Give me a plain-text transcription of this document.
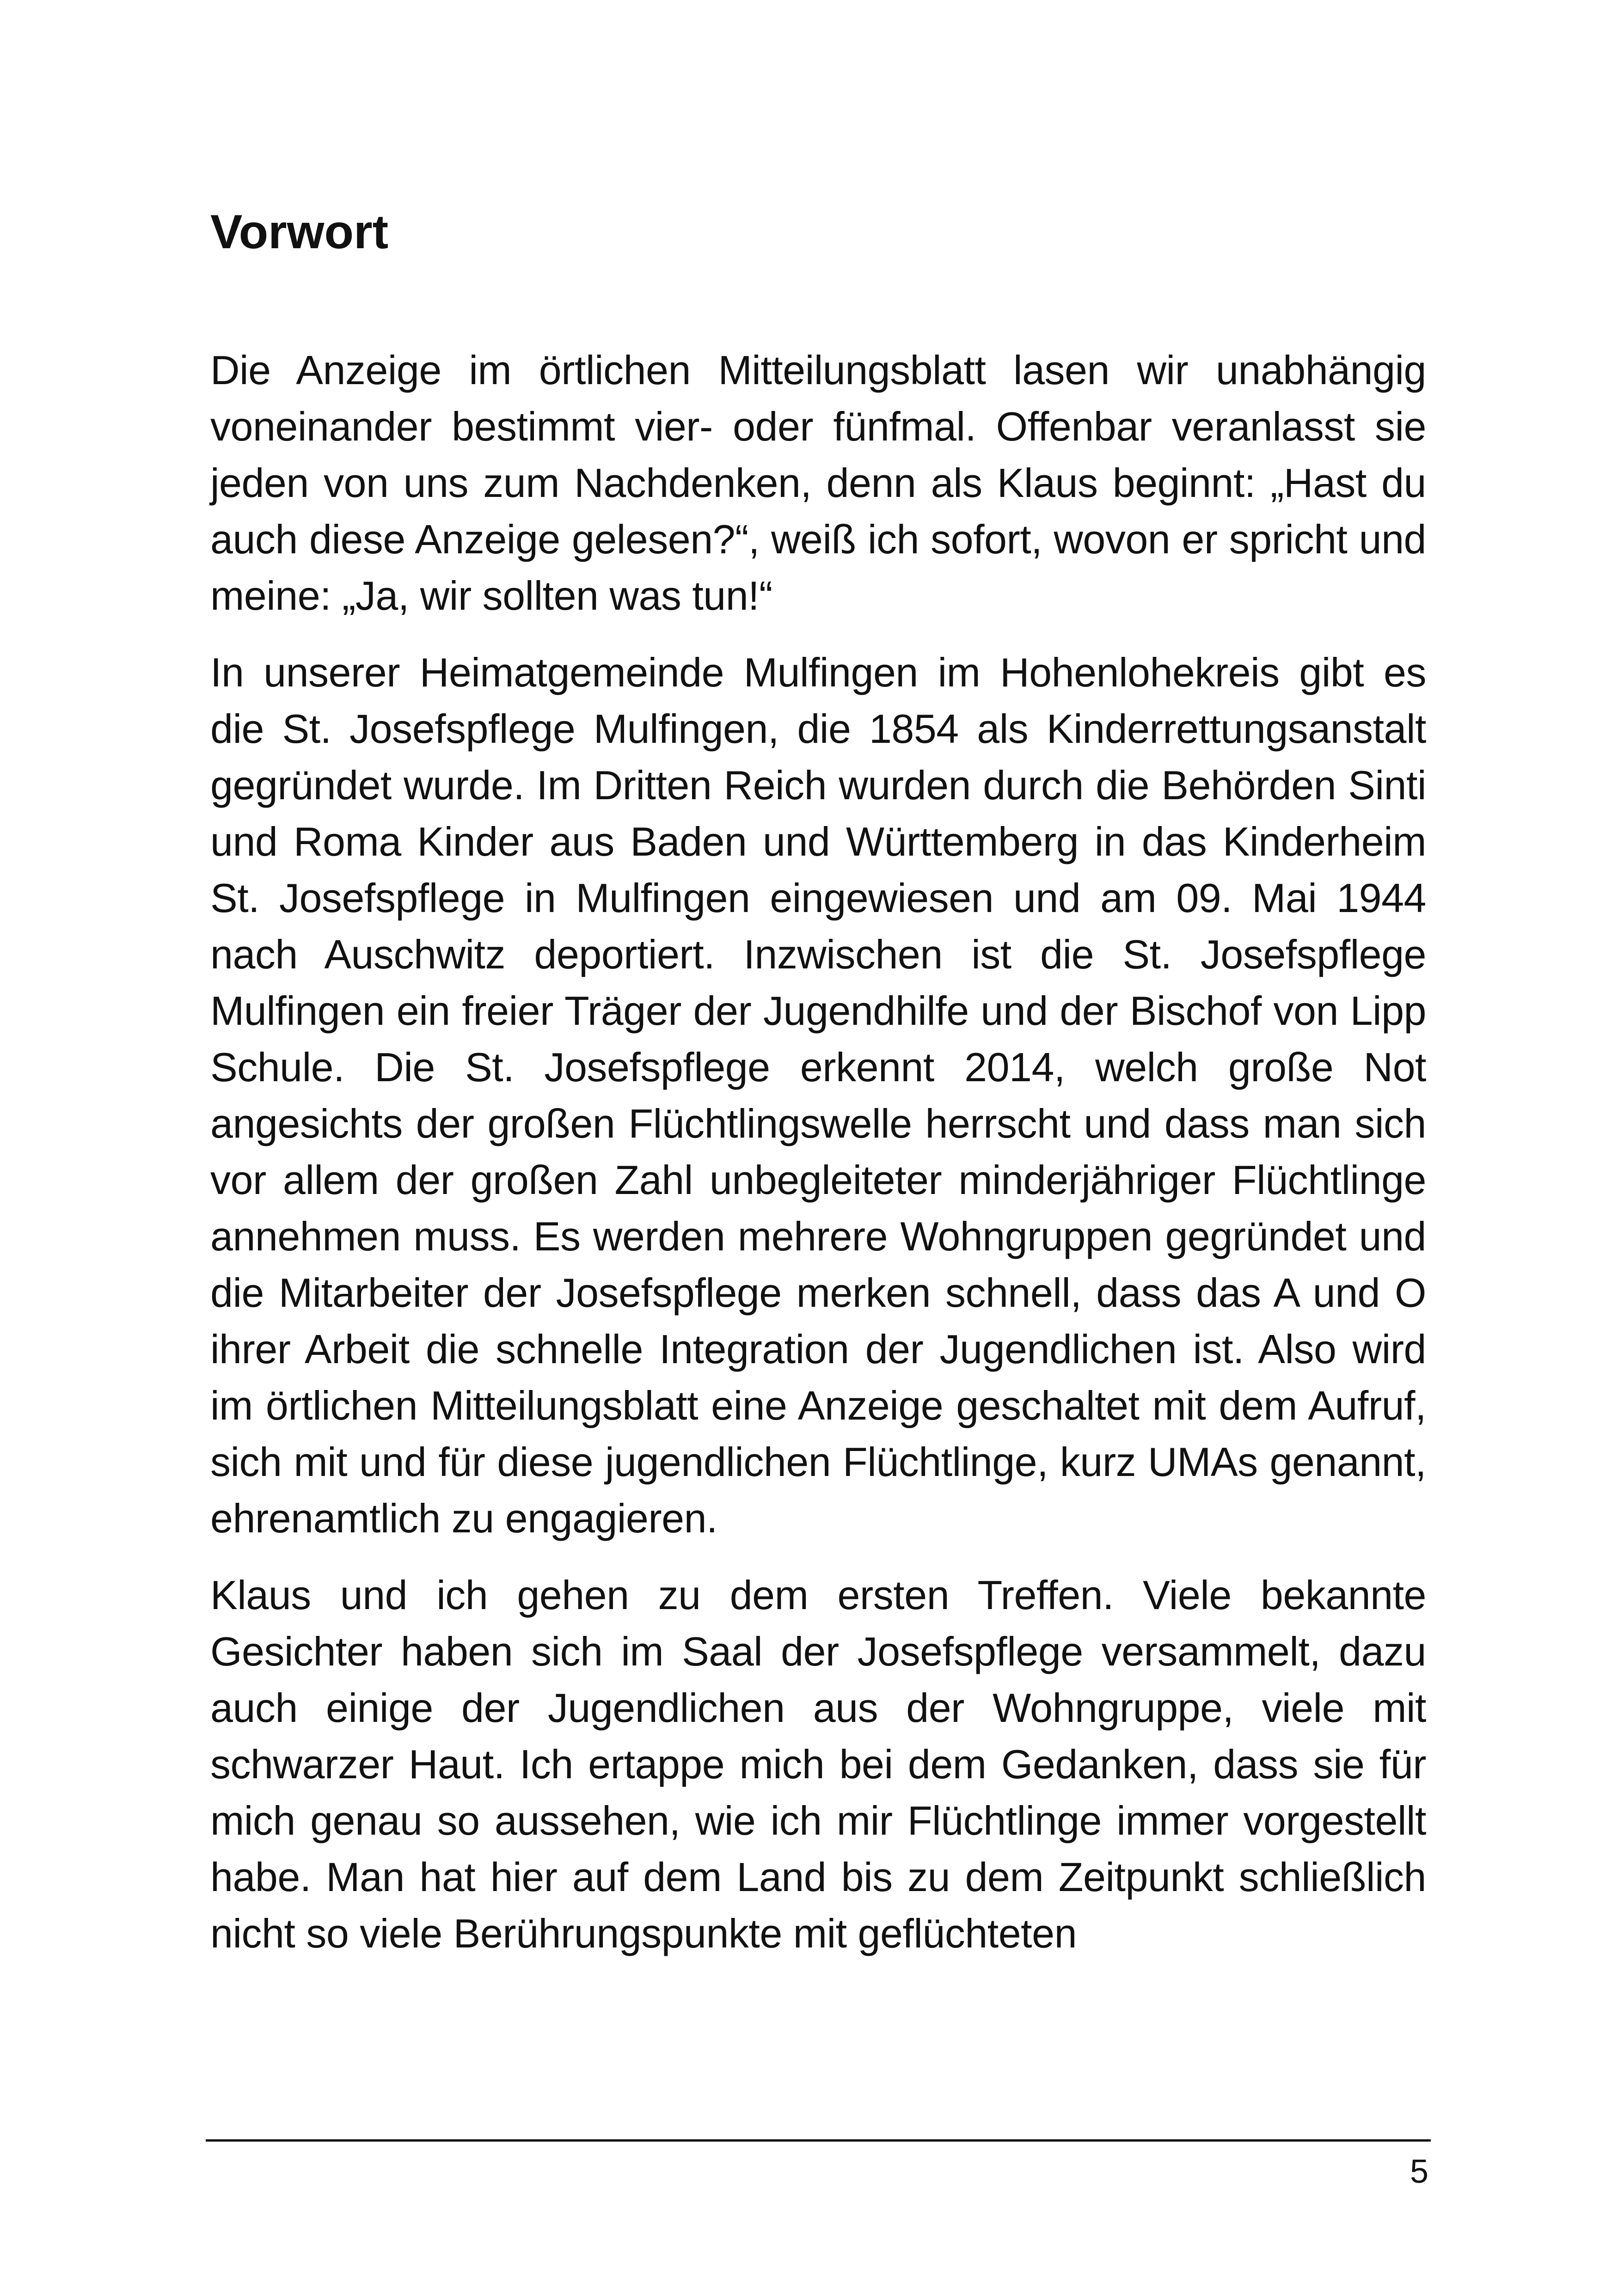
Vorwort

Die Anzeige im örtlichen Mitteilungsblatt lasen wir unabhängig voneinander bestimmt vier- oder fünfmal. Offenbar veranlasst sie jeden von uns zum Nachdenken, denn als Klaus beginnt: „Hast du auch diese Anzeige gelesen?“, weiß ich sofort, wovon er spricht und meine: „Ja, wir sollten was tun!“

In unserer Heimatgemeinde Mulfingen im Hohenlohekreis gibt es die St. Josefspflege Mulfingen, die 1854 als Kinderrettungsanstalt gegründet wurde. Im Dritten Reich wurden durch die Behörden Sinti und Roma Kinder aus Baden und Württemberg in das Kinderheim St. Josefspflege in Mulfingen eingewiesen und am 09. Mai 1944 nach Auschwitz deportiert. Inzwischen ist die St. Josefspflege Mulfingen ein freier Träger der Jugendhilfe und der Bischof von Lipp Schule. Die St. Josefspflege erkennt 2014, welch große Not angesichts der großen Flüchtlingswelle herrscht und dass man sich vor allem der großen Zahl unbegleiteter minderjähriger Flüchtlinge annehmen muss. Es werden mehrere Wohngruppen gegründet und die Mitarbeiter der Josefspflege merken schnell, dass das A und O ihrer Arbeit die schnelle Integration der Jugendlichen ist. Also wird im örtlichen Mitteilungsblatt eine Anzeige geschaltet mit dem Aufruf, sich mit und für diese jugendlichen Flüchtlinge, kurz UMAs genannt, ehrenamtlich zu engagieren.

Klaus und ich gehen zu dem ersten Treffen. Viele bekannte Gesichter haben sich im Saal der Josefspflege versammelt, dazu auch einige der Jugendlichen aus der Wohngruppe, viele mit schwarzer Haut. Ich ertappe mich bei dem Gedanken, dass sie für mich genau so aussehen, wie ich mir Flüchtlinge immer vorgestellt habe. Man hat hier auf dem Land bis zu dem Zeitpunkt schließlich nicht so viele Berührungspunkte mit geflüchteten

5
